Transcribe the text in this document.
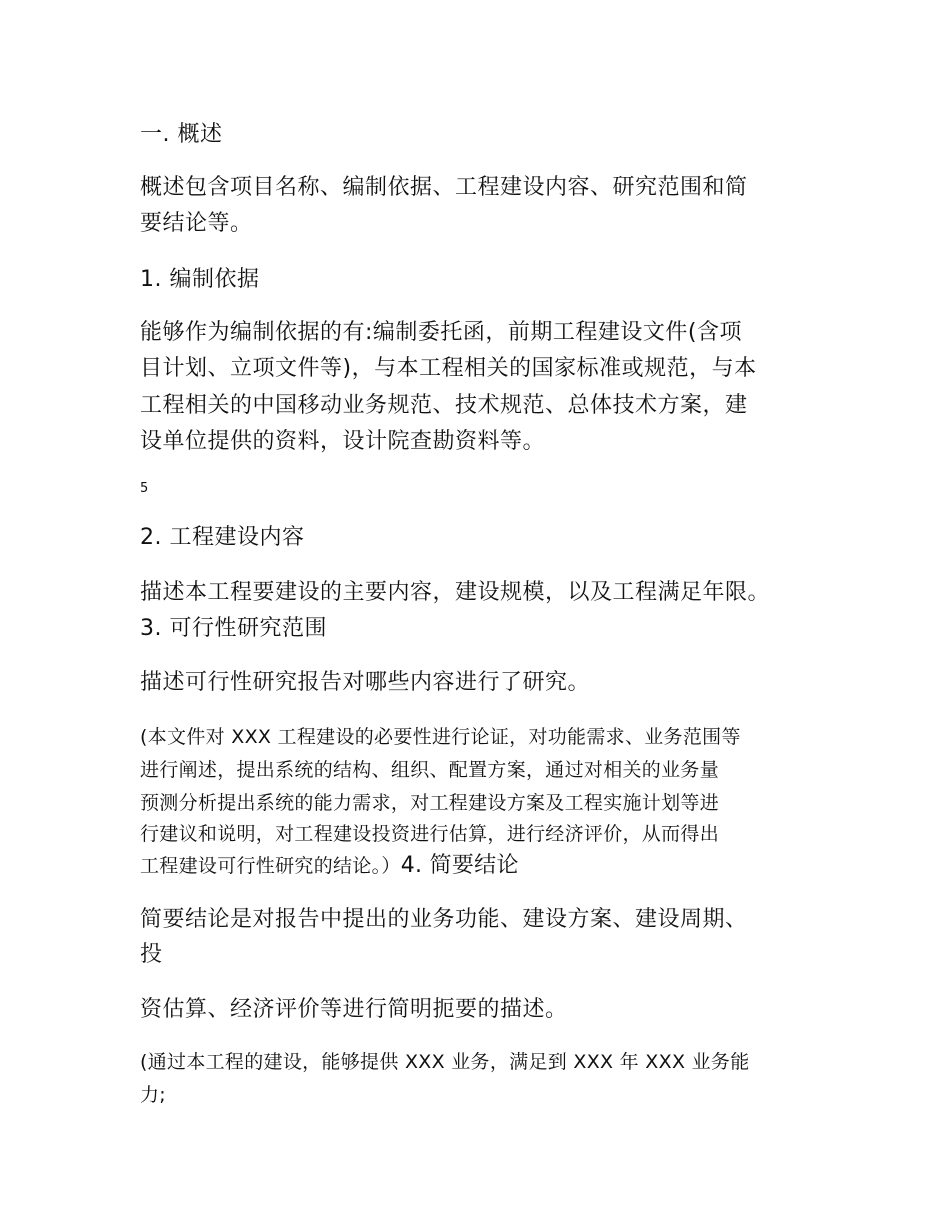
一. 概述
概述包含项目名称、编制依据、工程建设内容、研究范围和简
要结论等。
1. 编制依据
能够作为编制依据的有:编制委托函，前期工程建设文件(含项
目计划、立项文件等)，与本工程相关的国家标准或规范，与本
工程相关的中国移动业务规范、技术规范、总体技术方案，建
设单位提供的资料，设计院查勘资料等。
5
2. 工程建设内容
描述本工程要建设的主要内容，建设规模，以及工程满足年限。
3. 可行性研究范围
描述可行性研究报告对哪些内容进行了研究。
(本文件对 XXX 工程建设的必要性进行论证，对功能需求、业务范围等
进行阐述，提出系统的结构、组织、配置方案，通过对相关的业务量
预测分析提出系统的能力需求，对工程建设方案及工程实施计划等进
行建议和说明，对工程建设投资进行估算，进行经济评价，从而得出
工程建设可行性研究的结论。）4. 简要结论
简要结论是对报告中提出的业务功能、建设方案、建设周期、
投
资估算、经济评价等进行简明扼要的描述。
(通过本工程的建设，能够提供 XXX 业务，满足到 XXX 年 XXX 业务能
力;
